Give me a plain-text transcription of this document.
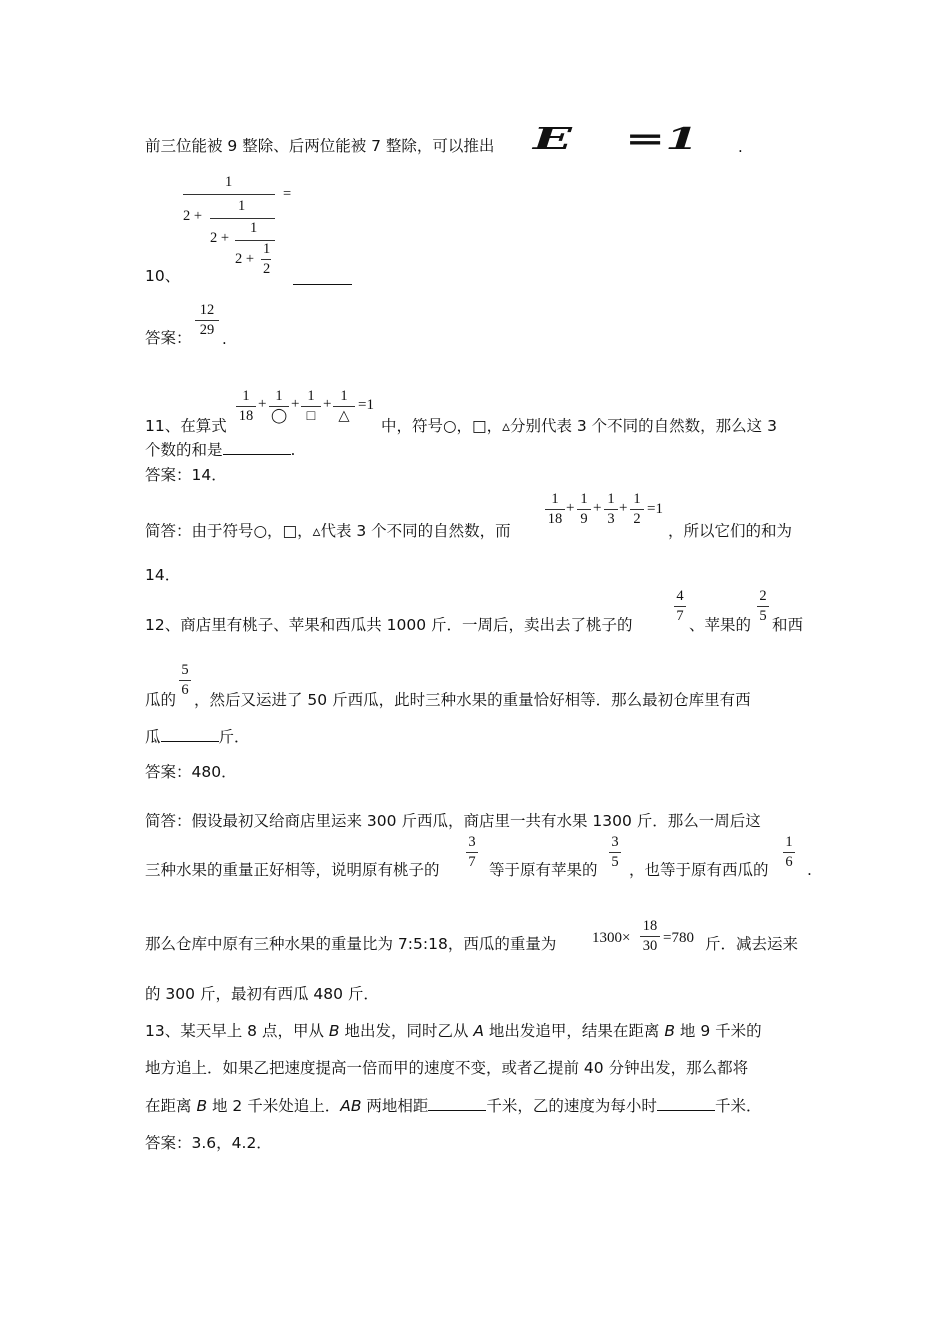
前三位能被 9 整除、后两位能被 7 整除，可以推出 E =1	.
1
=
2 +
1
2 +
1
2 +
1
2
10、
答案：
12
29 .
11、在算式
1
18
+ 1
◯
+ 1
□
+ 1
△
=1
中，符号○，□，▵分别代表 3 个不同的自然数，那么这 3
个数的和是	.
答案：14．
简答：由于符号○，□，▵代表 3 个不同的自然数，而
1
18
+
1
9
+
1
3
+
1
2
=1
，所以它们的和为
14．
12、商店里有桃子、苹果和西瓜共 1000 斤．一周后，卖出去了桃子的
4
7 、苹果的
2
5 和西
瓜的
5
6
，然后又运进了 50 斤西瓜，此时三种水果的重量恰好相等．那么最初仓库里有西
瓜	斤．
答案：480．
简答：假设最初又给商店里运来 300 斤西瓜，商店里一共有水果 1300 斤．那么一周后这
三种水果的重量正好相等，说明原有桃子的
3
7 等于原有苹果的
3
5 ，也等于原有西瓜的
1
6 .
那么仓库中原有三种水果的重量比为 7:5:18，西瓜的重量为 1300×
18
30 =780 斤．减去运来
的 300 斤，最初有西瓜 480 斤．
13、某天早上 8 点，甲从 B 地出发，同时乙从 A 地出发追甲，结果在距离 B 地 9 千米的
地方追上．如果乙把速度提高一倍而甲的速度不变，或者乙提前 40 分钟出发，那么都将
在距离 B 地 2 千米处追上．AB 两地相距	千米，乙的速度为每小时	千米．
答案：3.6，4.2．
